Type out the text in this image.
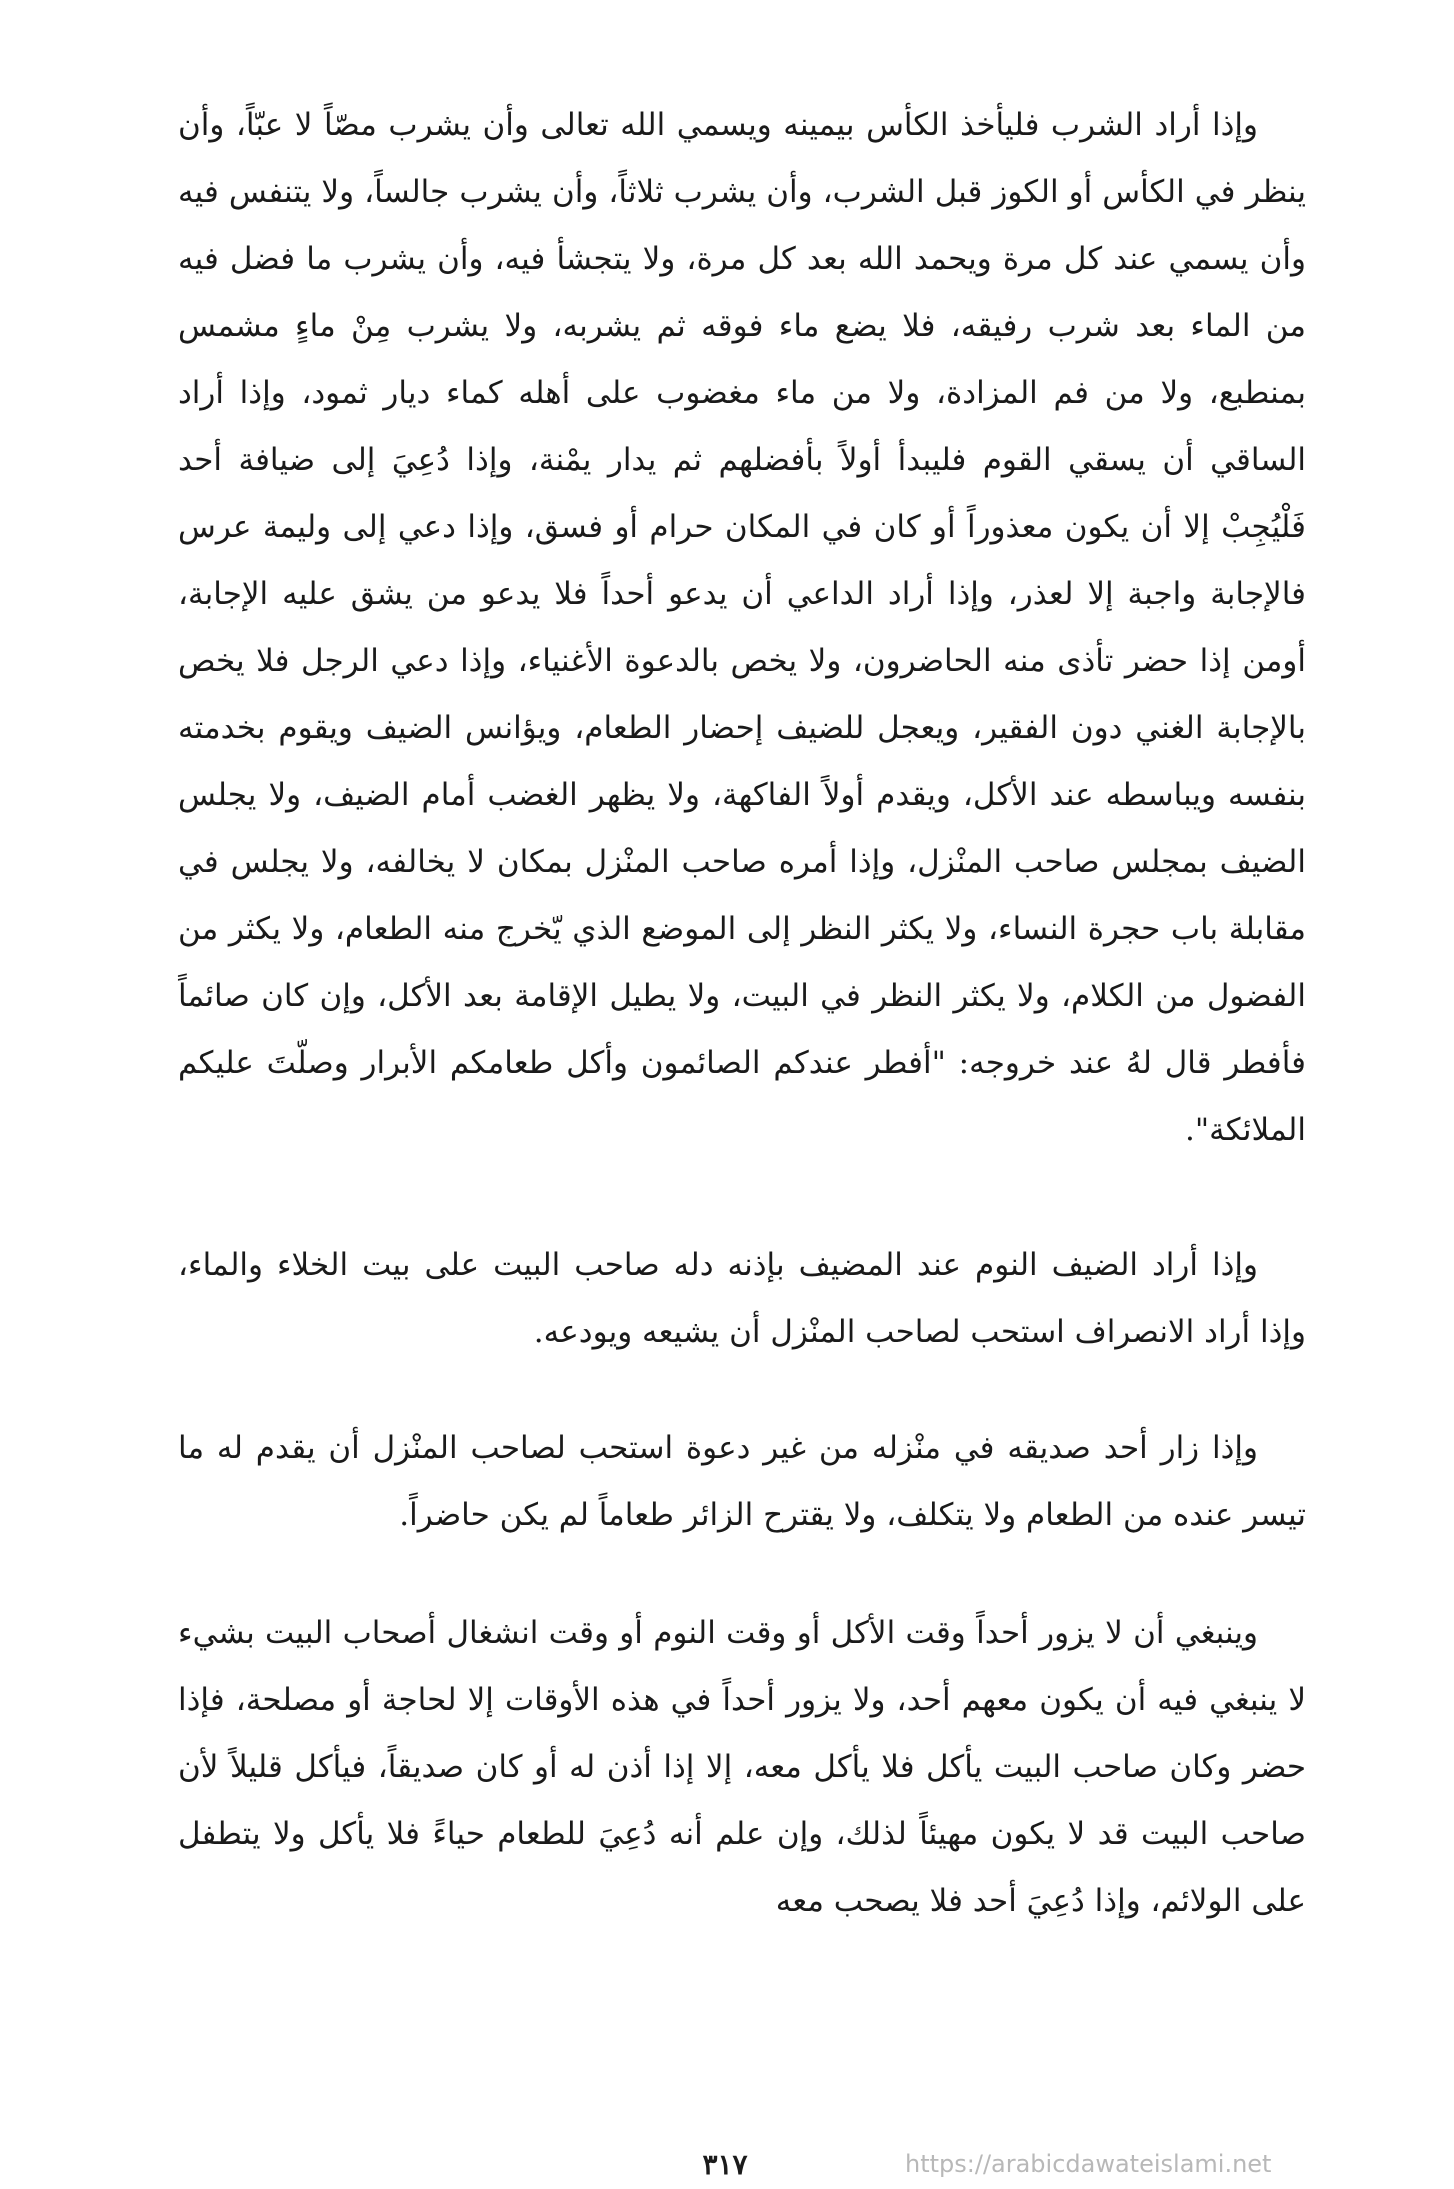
وإذا أراد الشرب فليأخذ الكأس بيمينه ويسمي الله تعالى وأن يشرب مصّاً لا عبّاً، وأن ينظر في الكأس أو الكوز قبل الشرب، وأن يشرب ثلاثاً، وأن يشرب جالساً، ولا يتنفس فيه وأن يسمي عند كل مرة ويحمد الله بعد كل مرة، ولا يتجشأ فيه، وأن يشرب ما فضل فيه من الماء بعد شرب رفيقه، فلا يضع ماء فوقه ثم يشربه، ولا يشرب مِنْ ماءٍ مشمس بمنطبع، ولا من فم المزادة، ولا من ماء مغضوب على أهله كماء ديار ثمود، وإذا أراد الساقي أن يسقي القوم فليبدأ أولاً بأفضلهم ثم يدار يمْنة، وإذا دُعِيَ إلى ضيافة أحد فَلْيُجِبْ إلا أن يكون معذوراً أو كان في المكان حرام أو فسق، وإذا دعي إلى وليمة عرس فالإجابة واجبة إلا لعذر، وإذا أراد الداعي أن يدعو أحداً فلا يدعو من يشق عليه الإجابة، أومن إذا حضر تأذى منه الحاضرون، ولا يخص بالدعوة الأغنياء، وإذا دعي الرجل فلا يخص بالإجابة الغني دون الفقير، ويعجل للضيف إحضار الطعام، ويؤانس الضيف ويقوم بخدمته بنفسه ويباسطه عند الأكل، ويقدم أولاً الفاكهة، ولا يظهر الغضب أمام الضيف، ولا يجلس الضيف بمجلس صاحب المنْزل، وإذا أمره صاحب المنْزل بمكان لا يخالفه، ولا يجلس في مقابلة باب حجرة النساء، ولا يكثر النظر إلى الموضع الذي يّخرج منه الطعام، ولا يكثر من الفضول من الكلام، ولا يكثر النظر في البيت، ولا يطيل الإقامة بعد الأكل، وإن كان صائماً فأفطر قال لهُ عند خروجه: "أفطر عندكم الصائمون وأكل طعامكم الأبرار وصلّتَ عليكم الملائكة".

وإذا أراد الضيف النوم عند المضيف بإذنه دله صاحب البيت على بيت الخلاء والماء، وإذا أراد الانصراف استحب لصاحب المنْزل أن يشيعه ويودعه.

وإذا زار أحد صديقه في منْزله من غير دعوة استحب لصاحب المنْزل أن يقدم له ما تيسر عنده من الطعام ولا يتكلف، ولا يقترح الزائر طعاماً لم يكن حاضراً.

وينبغي أن لا يزور أحداً وقت الأكل أو وقت النوم أو وقت انشغال أصحاب البيت بشيء لا ينبغي فيه أن يكون معهم أحد، ولا يزور أحداً في هذه الأوقات إلا لحاجة أو مصلحة، فإذا حضر وكان صاحب البيت يأكل فلا يأكل معه، إلا إذا أذن له أو كان صديقاً، فيأكل قليلاً لأن صاحب البيت قد لا يكون مهيئاً لذلك، وإن علم أنه دُعِيَ للطعام حياءً فلا يأكل ولا يتطفل على الولائم، وإذا دُعِيَ أحد فلا يصحب معه

٣١٧	https://arabicdawateislami.net
